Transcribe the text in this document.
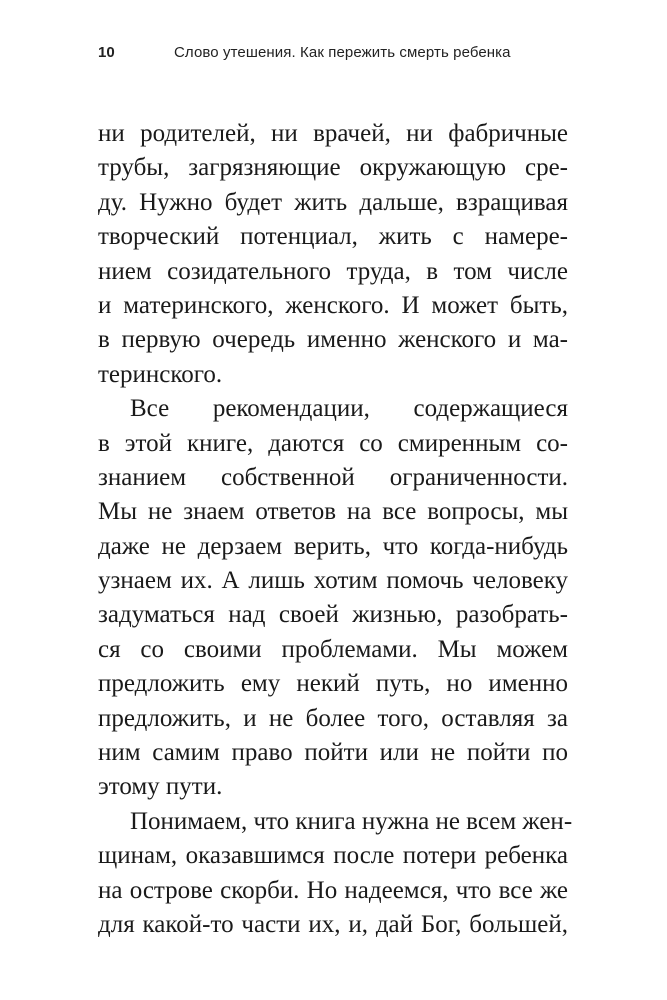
10	Слово утешения. Как пережить смерть ребенка
ни родителей, ни врачей, ни фабричные
трубы, загрязняющие окружающую сре-
ду. Нужно будет жить дальше, взращивая
творческий потенциал, жить с намере-
нием созидательного труда, в том числе
и материнского, женского. И может быть,
в первую очередь именно женского и ма-
теринского.
Все рекомендации, содержащиеся
в этой книге, даются со смиренным со-
знанием собственной ограниченности.
Мы не знаем ответов на все вопросы, мы
даже не дерзаем верить, что когда-нибудь
узнаем их. А лишь хотим помочь человеку
задуматься над своей жизнью, разобрать-
ся со своими проблемами. Мы можем
предложить ему некий путь, но именно
предложить, и не более того, оставляя за
ним самим право пойти или не пойти по
этому пути.
Понимаем, что книга нужна не всем жен-
щинам, оказавшимся после потери ребенка
на острове скорби. Но надеемся, что все же
для какой-то части их, и, дай Бог, большей,
